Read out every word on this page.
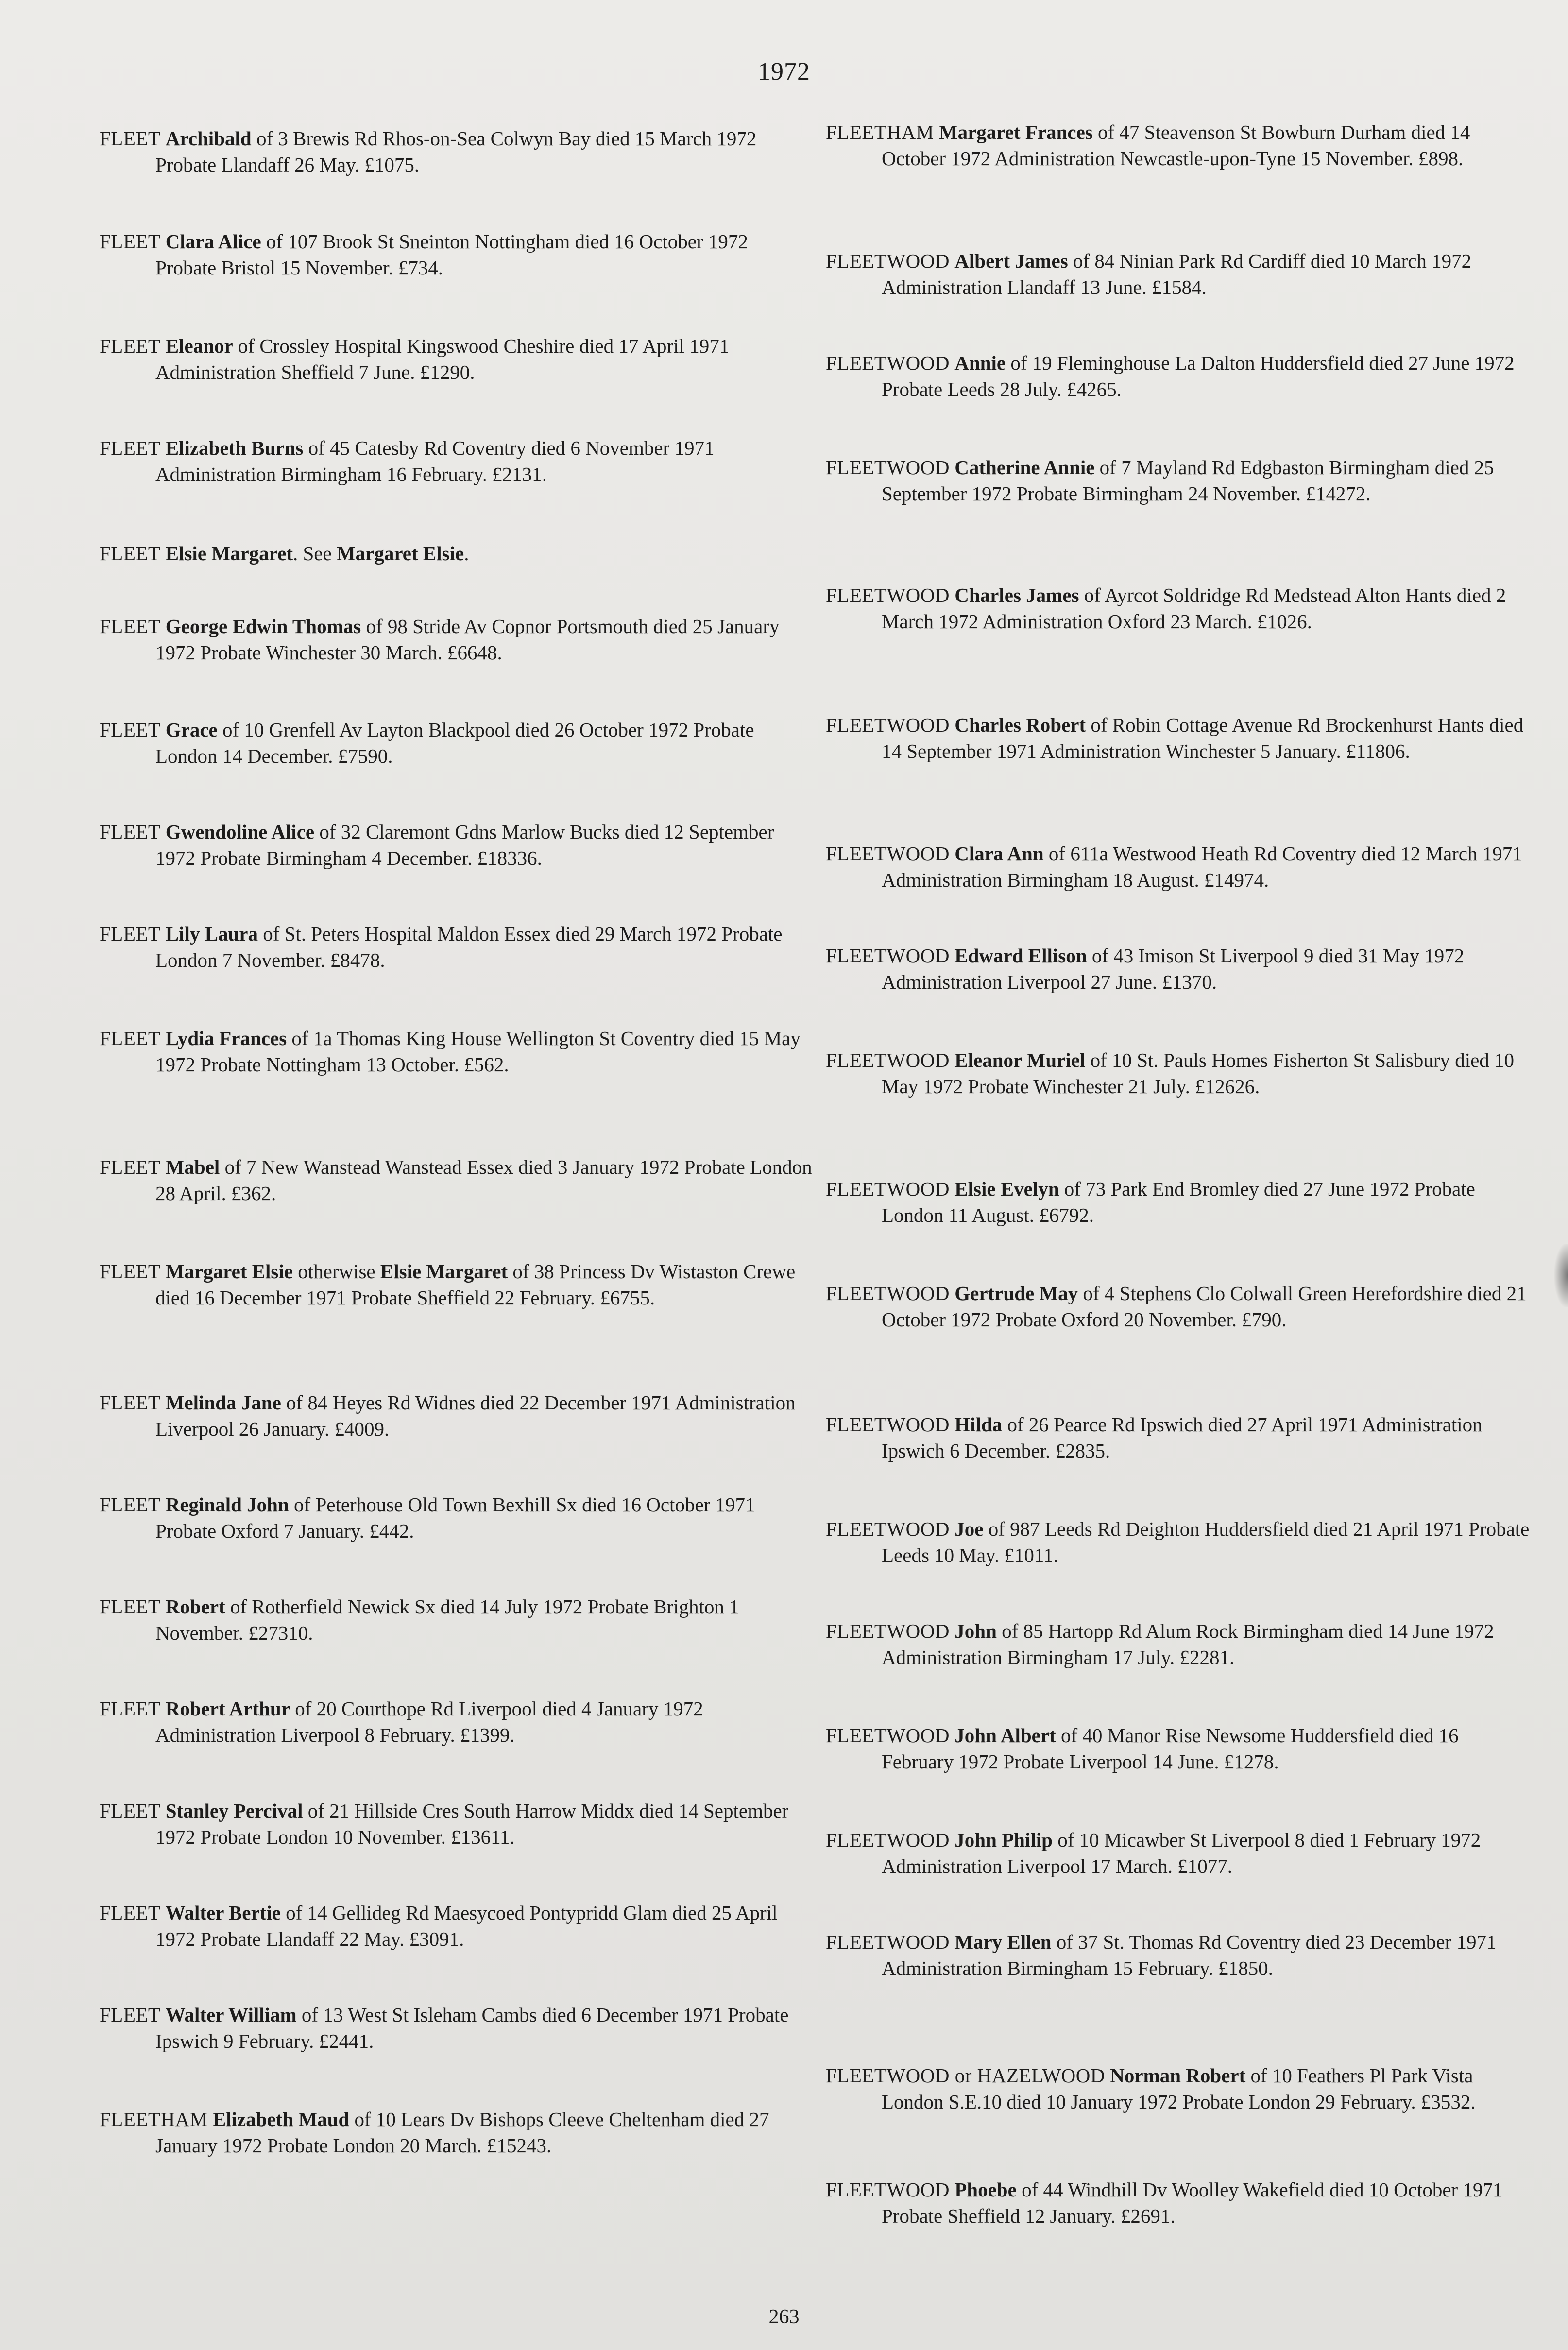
1972
FLEET Archibald of 3 Brewis Rd Rhos-on-Sea Colwyn Bay died 15 March 1972 Probate Llandaff 26 May. £1075.
FLEET Clara Alice of 107 Brook St Sneinton Nottingham died 16 October 1972 Probate Bristol 15 November. £734.
FLEET Eleanor of Crossley Hospital Kingswood Cheshire died 17 April 1971 Administration Sheffield 7 June. £1290.
FLEET Elizabeth Burns of 45 Catesby Rd Coventry died 6 November 1971 Administration Birmingham 16 February. £2131.
FLEET Elsie Margaret. See Margaret Elsie.
FLEET George Edwin Thomas of 98 Stride Av Copnor Portsmouth died 25 January 1972 Probate Winchester 30 March. £6648.
FLEET Grace of 10 Grenfell Av Layton Blackpool died 26 October 1972 Probate London 14 December. £7590.
FLEET Gwendoline Alice of 32 Claremont Gdns Marlow Bucks died 12 September 1972 Probate Birmingham 4 December. £18336.
FLEET Lily Laura of St. Peters Hospital Maldon Essex died 29 March 1972 Probate London 7 November. £8478.
FLEET Lydia Frances of 1a Thomas King House Wellington St Coventry died 15 May 1972 Probate Nottingham 13 October. £562.
FLEET Mabel of 7 New Wanstead Wanstead Essex died 3 January 1972 Probate London 28 April. £362.
FLEET Margaret Elsie otherwise Elsie Margaret of 38 Princess Dv Wistaston Crewe died 16 December 1971 Probate Sheffield 22 February. £6755.
FLEET Melinda Jane of 84 Heyes Rd Widnes died 22 December 1971 Administration Liverpool 26 January. £4009.
FLEET Reginald John of Peterhouse Old Town Bexhill Sx died 16 October 1971 Probate Oxford 7 January. £442.
FLEET Robert of Rotherfield Newick Sx died 14 July 1972 Probate Brighton 1 November. £27310.
FLEET Robert Arthur of 20 Courthope Rd Liverpool died 4 January 1972 Administration Liverpool 8 February. £1399.
FLEET Stanley Percival of 21 Hillside Cres South Harrow Middx died 14 September 1972 Probate London 10 November. £13611.
FLEET Walter Bertie of 14 Gellideg Rd Maesycoed Pontypridd Glam died 25 April 1972 Probate Llandaff 22 May. £3091.
FLEET Walter William of 13 West St Isleham Cambs died 6 December 1971 Probate Ipswich 9 February. £2441.
FLEETHAM Elizabeth Maud of 10 Lears Dv Bishops Cleeve Cheltenham died 27 January 1972 Probate London 20 March. £15243.
FLEETHAM Margaret Frances of 47 Steavenson St Bowburn Durham died 14 October 1972 Administration Newcastle-upon-Tyne 15 November. £898.
FLEETWOOD Albert James of 84 Ninian Park Rd Cardiff died 10 March 1972 Administration Llandaff 13 June. £1584.
FLEETWOOD Annie of 19 Fleminghouse La Dalton Huddersfield died 27 June 1972 Probate Leeds 28 July. £4265.
FLEETWOOD Catherine Annie of 7 Mayland Rd Edgbaston Birmingham died 25 September 1972 Probate Birmingham 24 November. £14272.
FLEETWOOD Charles James of Ayrcot Soldridge Rd Medstead Alton Hants died 2 March 1972 Administration Oxford 23 March. £1026.
FLEETWOOD Charles Robert of Robin Cottage Avenue Rd Brockenhurst Hants died 14 September 1971 Administration Winchester 5 January. £11806.
FLEETWOOD Clara Ann of 611a Westwood Heath Rd Coventry died 12 March 1971 Administration Birmingham 18 August. £14974.
FLEETWOOD Edward Ellison of 43 Imison St Liverpool 9 died 31 May 1972 Administration Liverpool 27 June. £1370.
FLEETWOOD Eleanor Muriel of 10 St. Pauls Homes Fisherton St Salisbury died 10 May 1972 Probate Winchester 21 July. £12626.
FLEETWOOD Elsie Evelyn of 73 Park End Bromley died 27 June 1972 Probate London 11 August. £6792.
FLEETWOOD Gertrude May of 4 Stephens Clo Colwall Green Herefordshire died 21 October 1972 Probate Oxford 20 November. £790.
FLEETWOOD Hilda of 26 Pearce Rd Ipswich died 27 April 1971 Administration Ipswich 6 December. £2835.
FLEETWOOD Joe of 987 Leeds Rd Deighton Huddersfield died 21 April 1971 Probate Leeds 10 May. £1011.
FLEETWOOD John of 85 Hartopp Rd Alum Rock Birmingham died 14 June 1972 Administration Birmingham 17 July. £2281.
FLEETWOOD John Albert of 40 Manor Rise Newsome Huddersfield died 16 February 1972 Probate Liverpool 14 June. £1278.
FLEETWOOD John Philip of 10 Micawber St Liverpool 8 died 1 February 1972 Administration Liverpool 17 March. £1077.
FLEETWOOD Mary Ellen of 37 St. Thomas Rd Coventry died 23 December 1971 Administration Birmingham 15 February. £1850.
FLEETWOOD or HAZELWOOD Norman Robert of 10 Feathers Pl Park Vista London S.E.10 died 10 January 1972 Probate London 29 February. £3532.
FLEETWOOD Phoebe of 44 Windhill Dv Woolley Wakefield died 10 October 1971 Probate Sheffield 12 January. £2691.
263
